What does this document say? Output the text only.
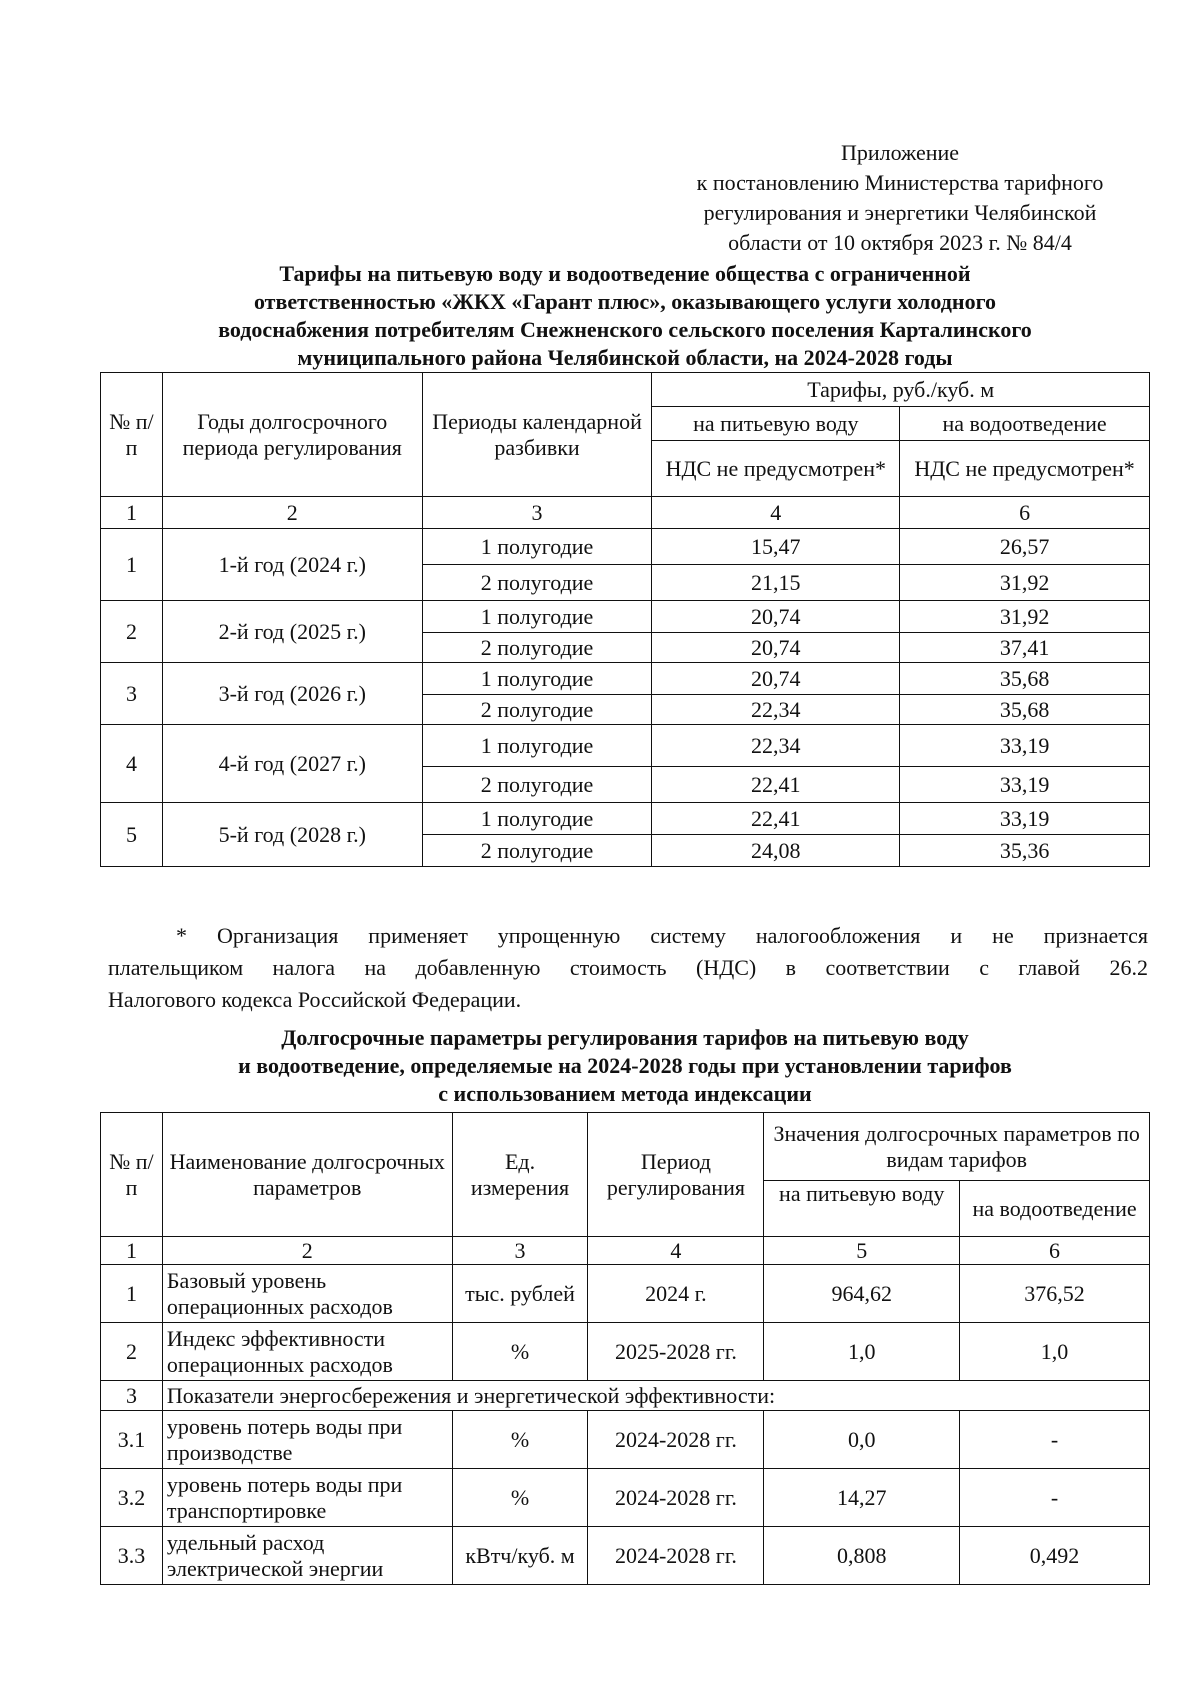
Приложение
к постановлению Министерства тарифного
регулирования и энергетики Челябинской
области от 10 октября 2023 г. № 84/4
Тарифы на питьевую воду и водоотведение общества с ограниченной
ответственностью «ЖКХ «Гарант плюс», оказывающего услуги холодного
водоснабжения потребителям Снежненского сельского поселения Карталинского
муниципального района Челябинской области, на 2024-2028 годы
№ п/п	Годы долгосрочного периода регулирования	Периоды календарной разбивки	Тарифы, руб./куб. м	
			на питьевую воду	на водоотведение
			НДС не предусмотрен*	НДС не предусмотрен*
1	2	3	4	6
1	1-й год (2024 г.)	1 полугодие	15,47	26,57
		2 полугодие	21,15	31,92
2	2-й год (2025 г.)	1 полугодие	20,74	31,92
		2 полугодие	20,74	37,41
3	3-й год (2026 г.)	1 полугодие	20,74	35,68
		2 полугодие	22,34	35,68
4	4-й год (2027 г.)	1 полугодие	22,34	33,19
		2 полугодие	22,41	33,19
5	5-й год (2028 г.)	1 полугодие	22,41	33,19
		2 полугодие	24,08	35,36
* Организация применяет упрощенную систему налогообложения и не признается
плательщиком налога на добавленную стоимость (НДС) в соответствии с главой 26.2
Налогового кодекса Российской Федерации.
Долгосрочные параметры регулирования тарифов на питьевую воду
и водоотведение, определяемые на 2024-2028 годы при установлении тарифов
с использованием метода индексации
№ п/п	Наименование долгосрочных параметров	Ед. измерения	Период регулирования	Значения долгосрочных параметров по видам тарифов	
				на питьевую воду	на водоотведение
1	2	3	4	5	6
1	Базовый уровень операционных расходов	тыс. рублей	2024 г.	964,62	376,52
2	Индекс эффективности операционных расходов	%	2025-2028 гг.	1,0	1,0
3	Показатели энергосбережения и энергетической эффективности:				
3.1	уровень потерь воды при производстве	%	2024-2028 гг.	0,0	-
3.2	уровень потерь воды при транспортировке	%	2024-2028 гг.	14,27	-
3.3	удельный расход электрической энергии	кВтч/куб. м	2024-2028 гг.	0,808	0,492
